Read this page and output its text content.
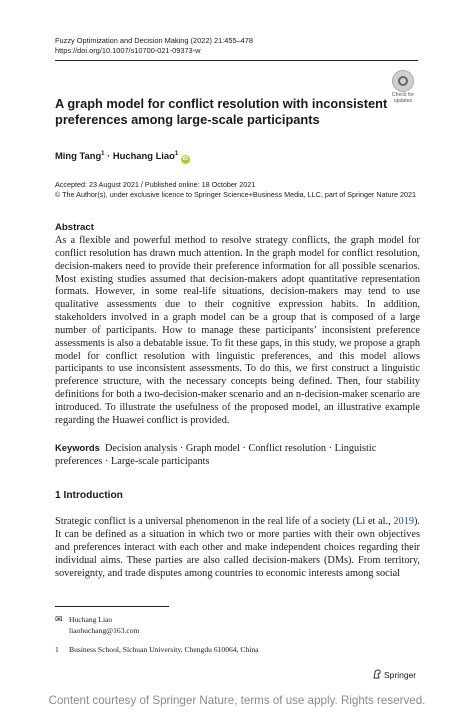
Fuzzy Optimization and Decision Making (2022) 21:455–478
https://doi.org/10.1007/s10700-021-09373-w
Check for
updates
A graph model for conflict resolution with inconsistent preferences among large-scale participants
Ming Tang$^1$ · Huchang Liao$^1$ iD
Accepted: 23 August 2021 / Published online: 18 October 2021
© The Author(s), under exclusive licence to Springer Science+Business Media, LLC, part of Springer Nature 2021
Abstract
As a flexible and powerful method to resolve strategy conflicts, the graph model for conflict resolution has drawn much attention. In the graph model for conflict resolution, decision-makers need to provide their preference information for all possible scenarios. Most existing studies assumed that decision-makers adopt quantitative representation formats. However, in some real-life situations, decision-makers may tend to use qualitative assessments due to their cognitive expression habits. In addition, stakeholders involved in a graph model can be a group that is composed of a large number of participants. How to manage these participants’ inconsistent preference assessments is also a debatable issue. To fit these gaps, in this study, we propose a graph model for conflict resolution with linguistic preferences, and this model allows participants to use inconsistent assessments. To do this, we first construct a linguistic preference structure, with the necessary concepts being defined. Then, four stability definitions for both a two-decision-maker scenario and an n-decision-maker scenario are introduced. To illustrate the usefulness of the proposed model, an illustrative example regarding the Huawei conflict is provided.
Keywords Decision analysis · Graph model · Conflict resolution · Linguistic preferences · Large-scale participants
1 Introduction
Strategic conflict is a universal phenomenon in the real life of a society (Li et al., 2019). It can be defined as a situation in which two or more parties with their own objectives and preferences interact with each other and make independent choices regarding their individual aims. These parties are also called decision-makers (DMs). From territory, sovereignty, and trade disputes among countries to economic interests among social
✉ Huchang Liao
liaohuchang@163.com
1 Business School, Sichuan University, Chengdu 610064, China
Springer
Content courtesy of Springer Nature, terms of use apply. Rights reserved.
